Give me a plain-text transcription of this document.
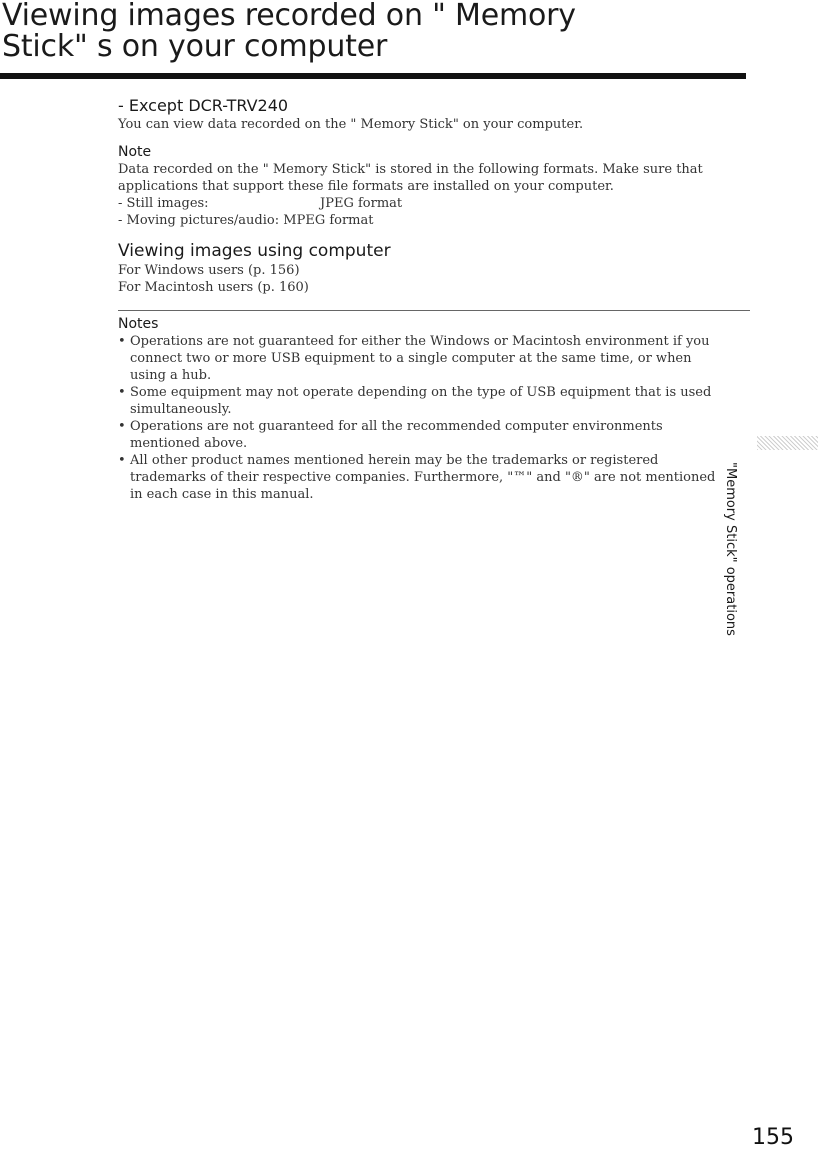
Viewing images recorded on " Memory
Stick" s on your computer
- Except DCR-TRV240

You can view data recorded on the " Memory Stick" on your computer.

Note

Data recorded on the " Memory Stick" is stored in the following formats. Make sure that applications that support these file formats are installed on your computer.

- Still images:	JPEG format
- Moving pictures/audio:
MPEG format
Viewing images using computer
For Windows users (p. 156)
For Macintosh users (p. 160)
Notes
• Operations are not guaranteed for either the Windows or Macintosh environment if you connect two or more USB equipment to a single computer at the same time, or when using a hub.
• Some equipment may not operate depending on the type of USB equipment that is used simultaneously.
• Operations are not guaranteed for all the recommended computer environments mentioned above.
• All other product names mentioned herein may be the trademarks or registered trademarks of their respective companies. Furthermore, "™" and "®" are not mentioned in each case in this manual.	"Memory Stick" operations
155
